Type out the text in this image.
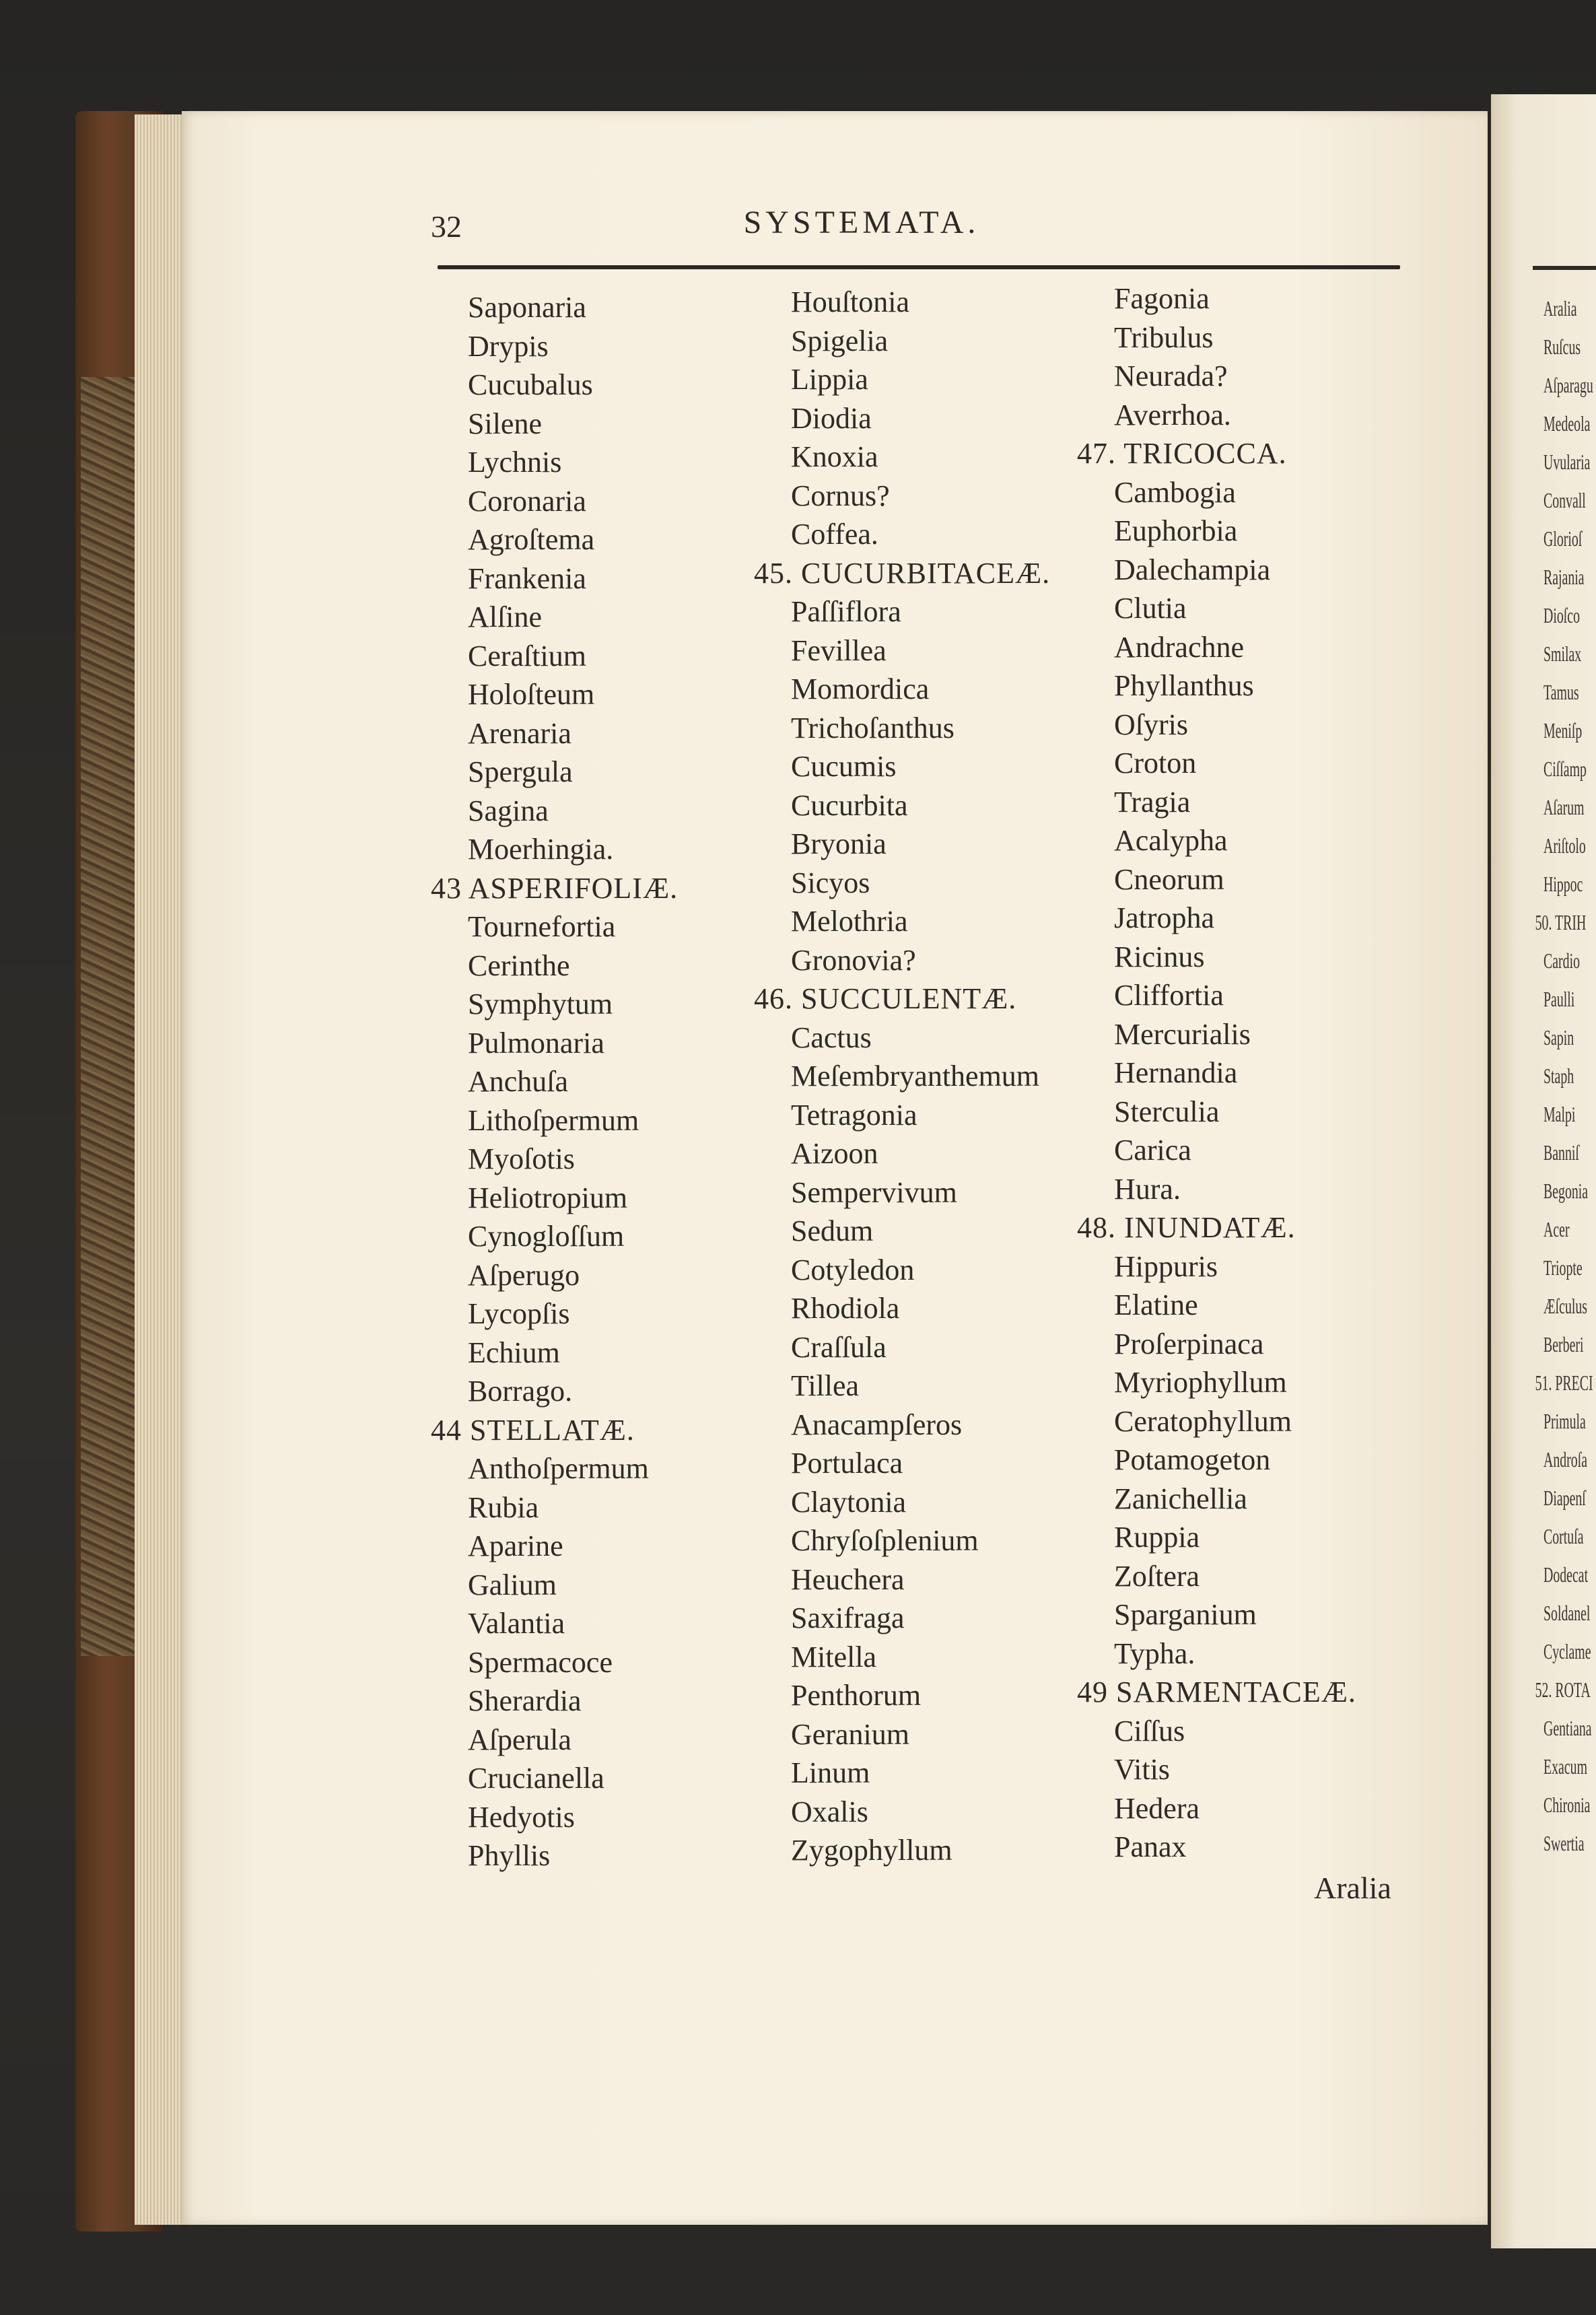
32	SYSTEMATA.
Saponaria
Drypis
Cucubalus
Silene
Lychnis
Coronaria
Agroſtema
Frankenia
Alſine
Ceraſtium
Holoſteum
Arenaria
Spergula
Sagina
Moerhingia.
43 ASPERIFOLIÆ.
Tournefortia
Cerinthe
Symphytum
Pulmonaria
Anchuſa
Lithoſpermum
Myoſotis
Heliotropium
Cynogloſſum
Aſperugo
Lycopſis
Echium
Borrago.
44 STELLATÆ.
Anthoſpermum
Rubia
Aparine
Galium
Valantia
Spermacoce
Sherardia
Aſperula
Crucianella
Hedyotis
Phyllis
Houſtonia
Spigelia
Lippia
Diodia
Knoxia
Cornus?
Coffea.
45. CUCURBITACEÆ.
Paſſiflora
Fevillea
Momordica
Trichoſanthus
Cucumis
Cucurbita
Bryonia
Sicyos
Melothria
Gronovia?
46. SUCCULENTÆ.
Cactus
Meſembryanthemum
Tetragonia
Aizoon
Sempervivum
Sedum
Cotyledon
Rhodiola
Craſſula
Tillea
Anacampſeros
Portulaca
Claytonia
Chryſoſplenium
Heuchera
Saxifraga
Mitella
Penthorum
Geranium
Linum
Oxalis
Zygophyllum
Fagonia
Tribulus
Neurada?
Averrhoa.
47. TRICOCCA.
Cambogia
Euphorbia
Dalechampia
Clutia
Andrachne
Phyllanthus
Oſyris
Croton
Tragia
Acalypha
Cneorum
Jatropha
Ricinus
Cliffortia
Mercurialis
Hernandia
Sterculia
Carica
Hura.
48. INUNDATÆ.
Hippuris
Elatine
Proſerpinaca
Myriophyllum
Ceratophyllum
Potamogeton
Zanichellia
Ruppia
Zoſtera
Sparganium
Typha.
49 SARMENTACEÆ.
Ciſſus
Vitis
Hedera
Panax
Aralia
Aralia
Ruſcus
Aſparagu
Medeola
Uvularia
Convall
Glorioſ
Rajania
Dioſco
Smilax
Tamus
Meniſp
Ciſſamp
Aſarum
Ariſtolo
Hippoc
50. TRIH
Cardio
Paulli
Sapin
Staph
Malpi
Banniſ
Begonia
Acer
Triopte
Æſculus
Berberi
51. PRECI
Primula
Androſa
Diapenſ
Cortuſa
Dodecat
Soldanel
Cyclame
52. ROTA
Gentiana
Exacum
Chironia
Swertia
